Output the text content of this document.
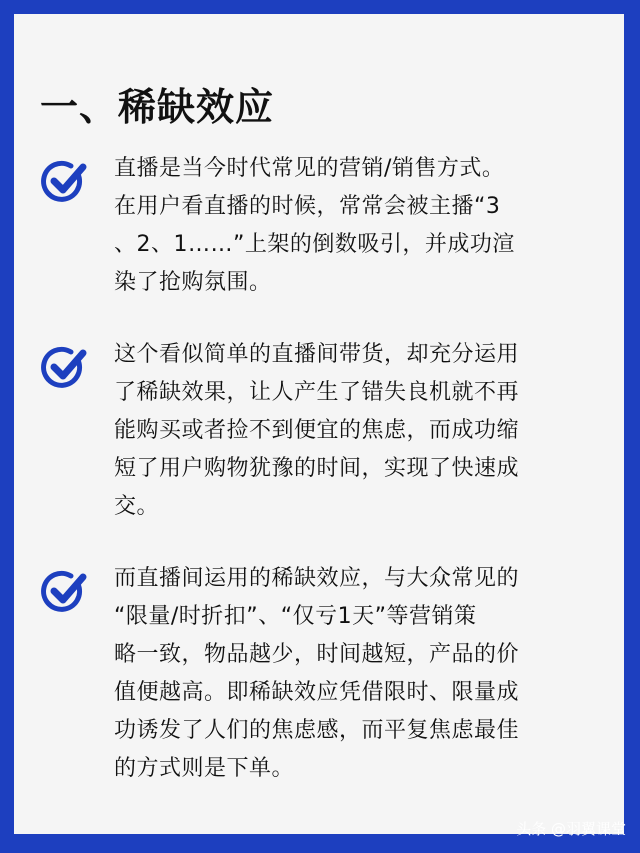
一、稀缺效应
直播是当今时代常见的营销/销售方式。
在用户看直播的时候，常常会被主播“3
、2、1……”上架的倒数吸引，并成功渲
染了抢购氛围。
这个看似简单的直播间带货，却充分运用
了稀缺效果，让人产生了错失良机就不再
能购买或者捡不到便宜的焦虑，而成功缩
短了用户购物犹豫的时间，实现了快速成
交。
而直播间运用的稀缺效应，与大众常见的
“限量/时折扣”、“仅亏1天”等营销策
略一致，物品越少，时间越短，产品的价
值便越高。即稀缺效应凭借限时、限量成
功诱发了人们的焦虑感，而平复焦虑最佳
的方式则是下单。
头条 @羽翼课堂
